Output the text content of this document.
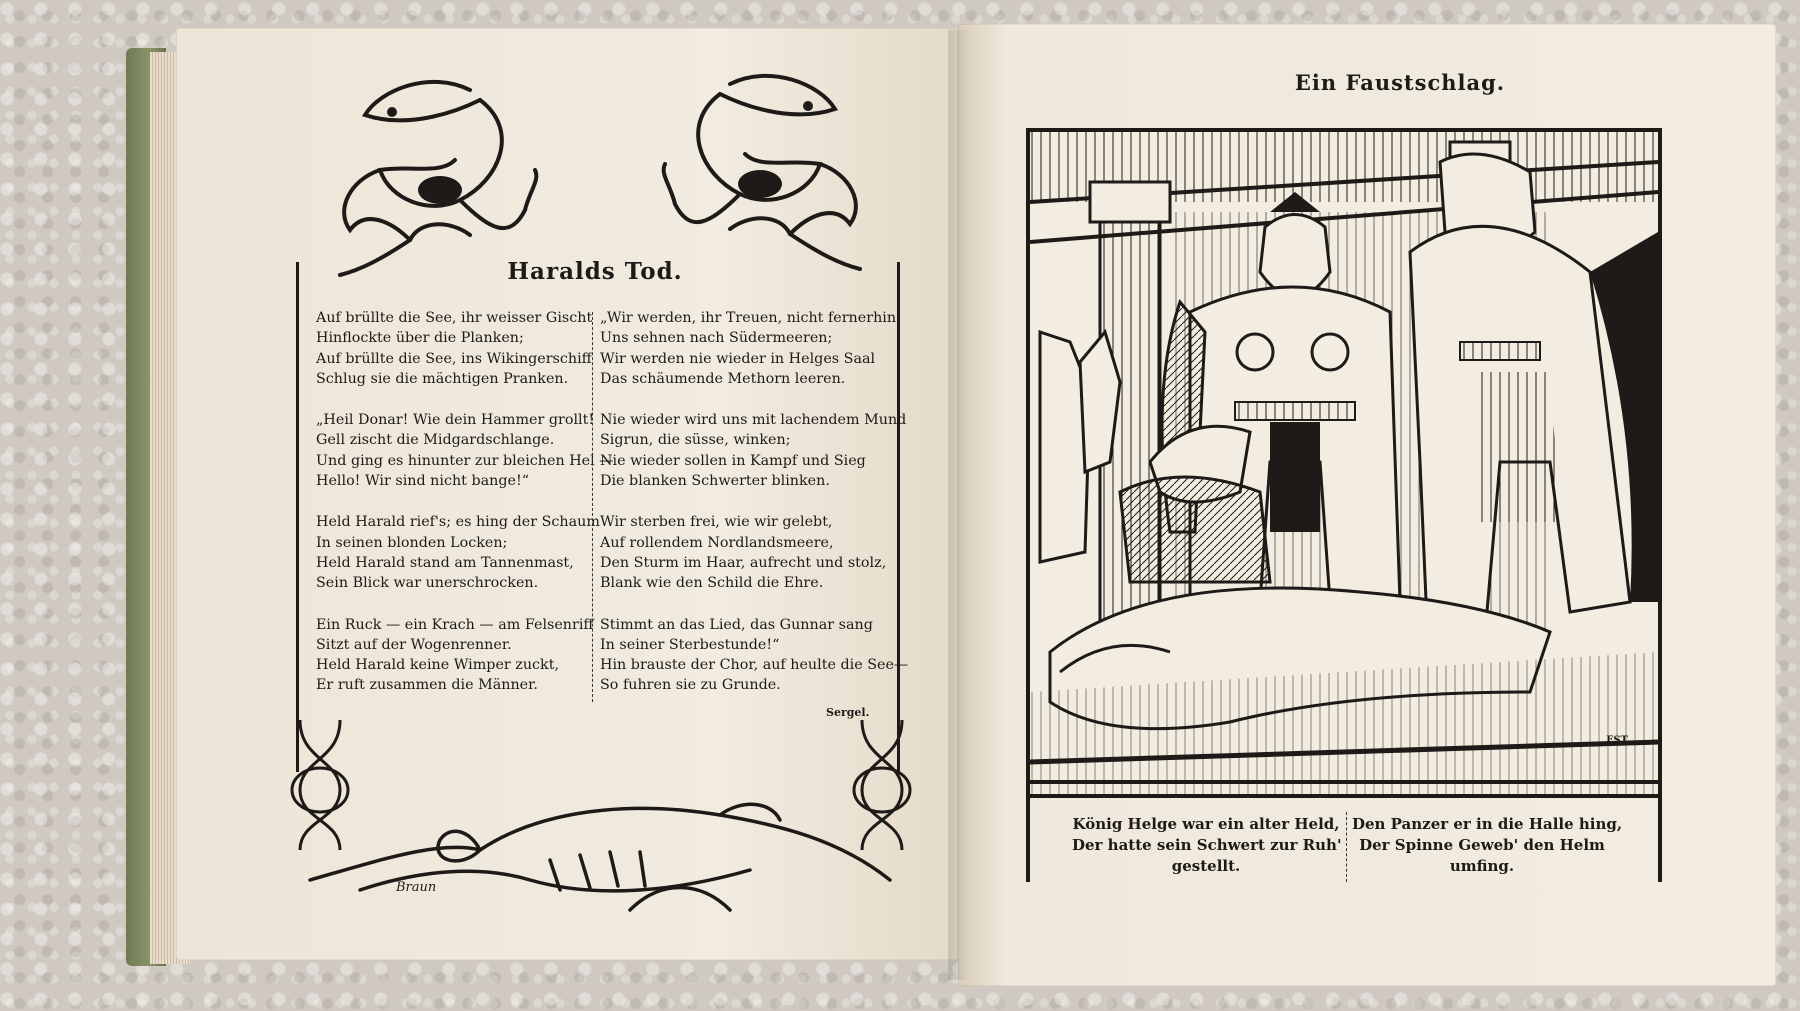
Haralds Tod.
Auf brüllte die See, ihr weisser Gischt
Hinflockte über die Planken;
Auf brüllte die See, ins Wikingerschiff
Schlug sie die mächtigen Pranken.
„Heil Donar! Wie dein Hammer grollt!
Gell zischt die Midgardschlange.
Und ging es hinunter zur bleichen Hel —
Hello! Wir sind nicht bange!“
Held Harald rief's; es hing der Schaum
In seinen blonden Locken;
Held Harald stand am Tannenmast,
Sein Blick war unerschrocken.
Ein Ruck — ein Krach — am Felsenriff
Sitzt auf der Wogenrenner.
Held Harald keine Wimper zuckt,
Er ruft zusammen die Männer.
„Wir werden, ihr Treuen, nicht fernerhin
Uns sehnen nach Südermeeren;
Wir werden nie wieder in Helges Saal
Das schäumende Methorn leeren.
Nie wieder wird uns mit lachendem Mund
Sigrun, die süsse, winken;
Nie wieder sollen in Kampf und Sieg
Die blanken Schwerter blinken.
Wir sterben frei, wie wir gelebt,
Auf rollendem Nordlandsmeere,
Den Sturm im Haar, aufrecht und stolz,
Blank wie den Schild die Ehre.
Stimmt an das Lied, das Gunnar sang
In seiner Sterbestunde!“
Hin brauste der Chor, auf heulte die See—
So fuhren sie zu Grunde.
Sergel.
Braun
Ein Faustschlag.
FST
König Helge war ein alter Held,
Der hatte sein Schwert zur Ruh'
gestellt.
Den Panzer er in die Halle hing,
Der Spinne Geweb' den Helm
umfing.
